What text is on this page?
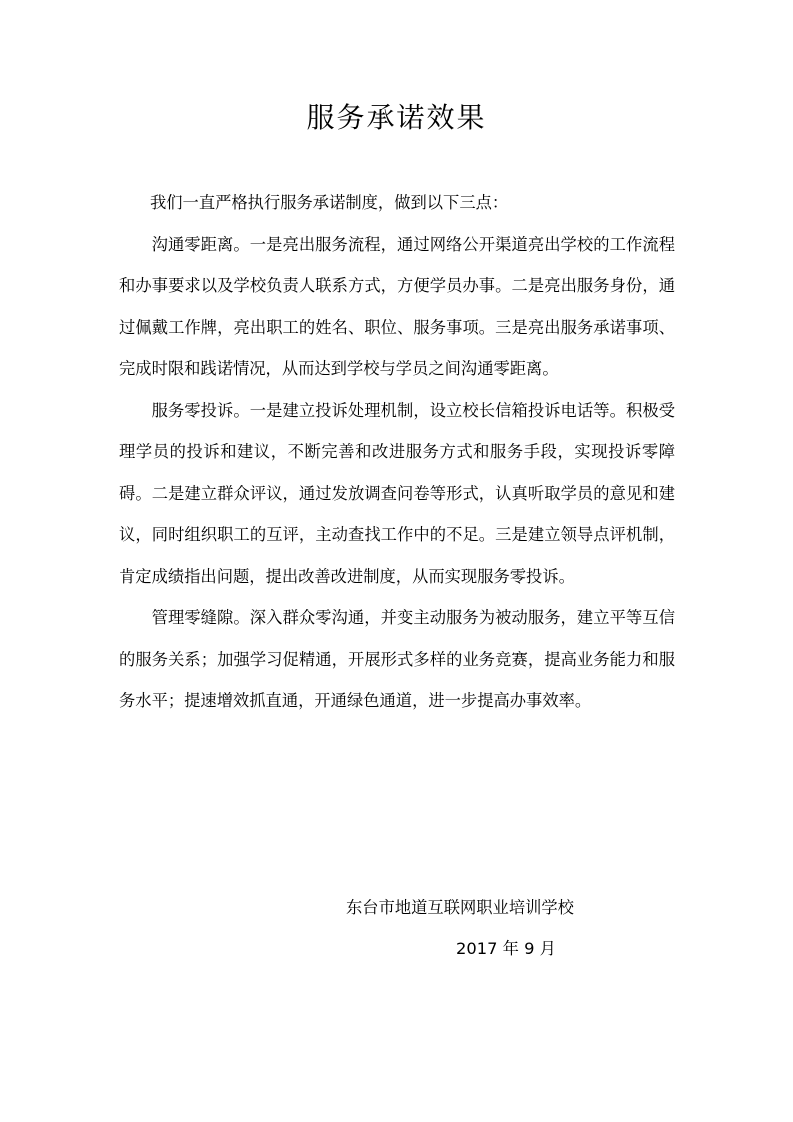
服务承诺效果

我们一直严格执行服务承诺制度，做到以下三点：

沟通零距离。一是亮出服务流程，通过网络公开渠道亮出学校的工作流程和办事要求以及学校负责人联系方式，方便学员办事。二是亮出服务身份，通过佩戴工作牌，亮出职工的姓名、职位、服务事项。三是亮出服务承诺事项、完成时限和践诺情况，从而达到学校与学员之间沟通零距离。

服务零投诉。一是建立投诉处理机制，设立校长信箱投诉电话等。积极受理学员的投诉和建议，不断完善和改进服务方式和服务手段，实现投诉零障碍。二是建立群众评议，通过发放调查问卷等形式，认真听取学员的意见和建议，同时组织职工的互评，主动查找工作中的不足。三是建立领导点评机制，肯定成绩指出问题，提出改善改进制度，从而实现服务零投诉。

管理零缝隙。深入群众零沟通，并变主动服务为被动服务，建立平等互信的服务关系；加强学习促精通，开展形式多样的业务竞赛，提高业务能力和服务水平；提速增效抓直通，开通绿色通道，进一步提高办事效率。

东台市地道互联网职业培训学校

2017 年 9 月
